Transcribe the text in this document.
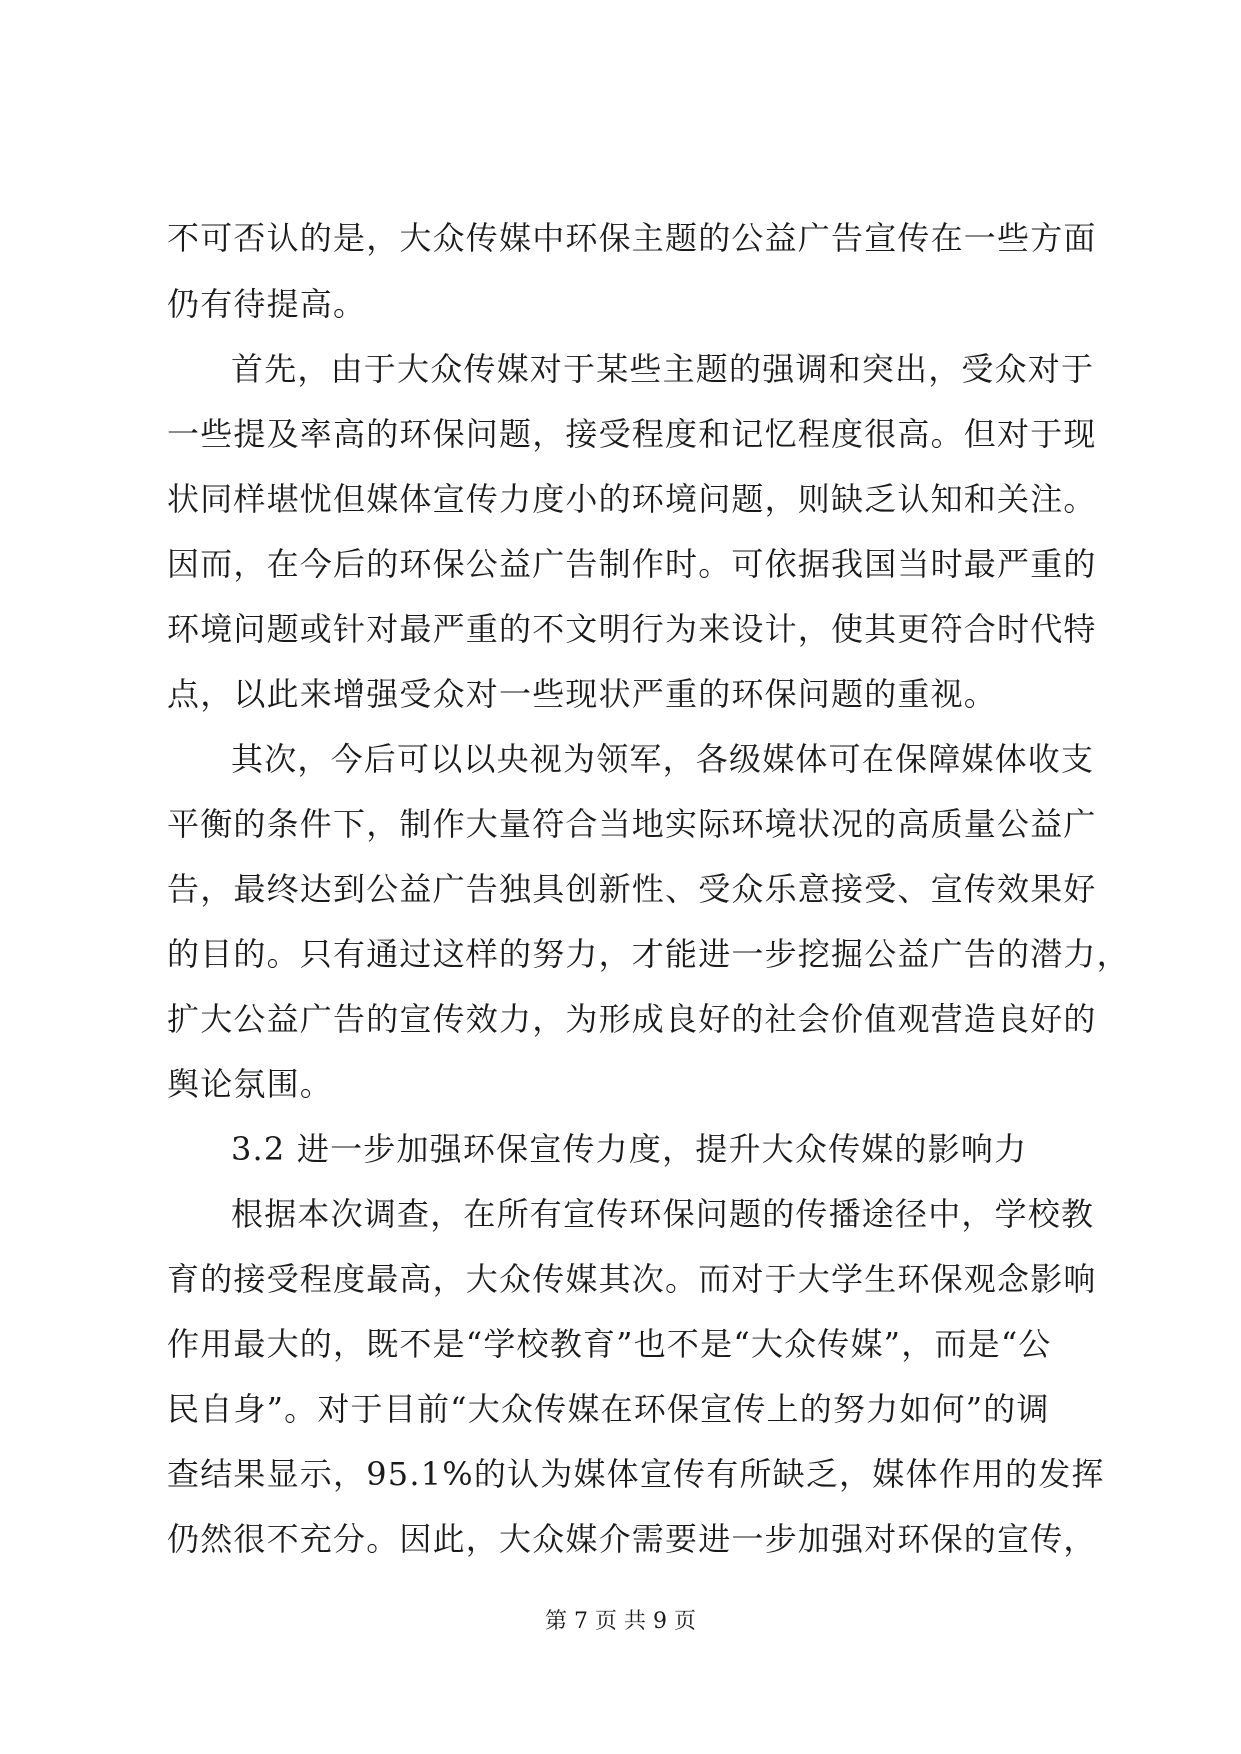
不可否认的是，大众传媒中环保主题的公益广告宣传在一些方面
仍有待提高。
首先，由于大众传媒对于某些主题的强调和突出，受众对于
一些提及率高的环保问题，接受程度和记忆程度很高。但对于现
状同样堪忧但媒体宣传力度小的环境问题，则缺乏认知和关注。
因而，在今后的环保公益广告制作时。可依据我国当时最严重的
环境问题或针对最严重的不文明行为来设计，使其更符合时代特
点，以此来增强受众对一些现状严重的环保问题的重视。
其次，今后可以以央视为领军，各级媒体可在保障媒体收支
平衡的条件下，制作大量符合当地实际环境状况的高质量公益广
告，最终达到公益广告独具创新性、受众乐意接受、宣传效果好
的目的。只有通过这样的努力，才能进一步挖掘公益广告的潜力，
扩大公益广告的宣传效力，为形成良好的社会价值观营造良好的
舆论氛围。
3.2 进一步加强环保宣传力度，提升大众传媒的影响力
根据本次调查，在所有宣传环保问题的传播途径中，学校教
育的接受程度最高，大众传媒其次。而对于大学生环保观念影响
作用最大的，既不是“学校教育”也不是“大众传媒”，而是“公
民自身”。对于目前“大众传媒在环保宣传上的努力如何”的调
查结果显示，95.1%的认为媒体宣传有所缺乏，媒体作用的发挥
仍然很不充分。因此，大众媒介需要进一步加强对环保的宣传，
第 7 页 共 9 页
